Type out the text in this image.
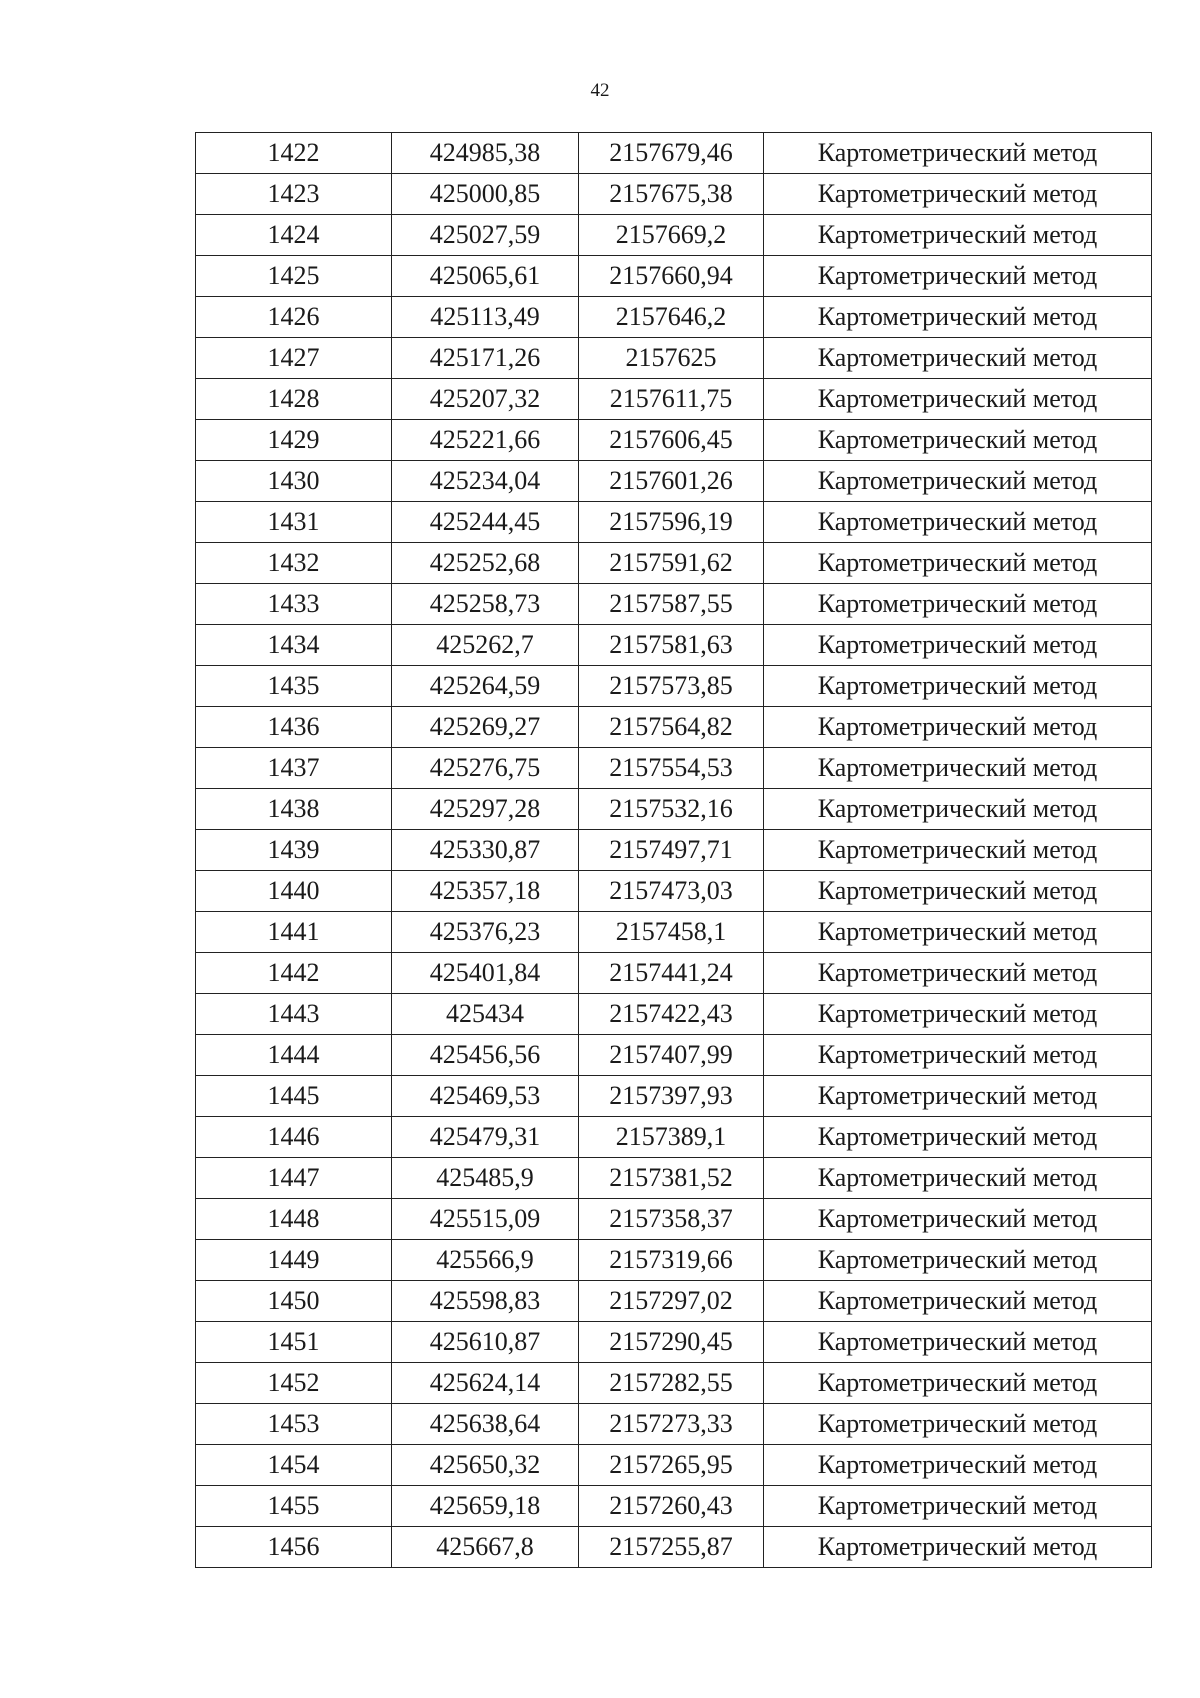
42
1422	424985,38	2157679,46	Картометрический метод
1423	425000,85	2157675,38	Картометрический метод
1424	425027,59	2157669,2	Картометрический метод
1425	425065,61	2157660,94	Картометрический метод
1426	425113,49	2157646,2	Картометрический метод
1427	425171,26	2157625	Картометрический метод
1428	425207,32	2157611,75	Картометрический метод
1429	425221,66	2157606,45	Картометрический метод
1430	425234,04	2157601,26	Картометрический метод
1431	425244,45	2157596,19	Картометрический метод
1432	425252,68	2157591,62	Картометрический метод
1433	425258,73	2157587,55	Картометрический метод
1434	425262,7	2157581,63	Картометрический метод
1435	425264,59	2157573,85	Картометрический метод
1436	425269,27	2157564,82	Картометрический метод
1437	425276,75	2157554,53	Картометрический метод
1438	425297,28	2157532,16	Картометрический метод
1439	425330,87	2157497,71	Картометрический метод
1440	425357,18	2157473,03	Картометрический метод
1441	425376,23	2157458,1	Картометрический метод
1442	425401,84	2157441,24	Картометрический метод
1443	425434	2157422,43	Картометрический метод
1444	425456,56	2157407,99	Картометрический метод
1445	425469,53	2157397,93	Картометрический метод
1446	425479,31	2157389,1	Картометрический метод
1447	425485,9	2157381,52	Картометрический метод
1448	425515,09	2157358,37	Картометрический метод
1449	425566,9	2157319,66	Картометрический метод
1450	425598,83	2157297,02	Картометрический метод
1451	425610,87	2157290,45	Картометрический метод
1452	425624,14	2157282,55	Картометрический метод
1453	425638,64	2157273,33	Картометрический метод
1454	425650,32	2157265,95	Картометрический метод
1455	425659,18	2157260,43	Картометрический метод
1456	425667,8	2157255,87	Картометрический метод
